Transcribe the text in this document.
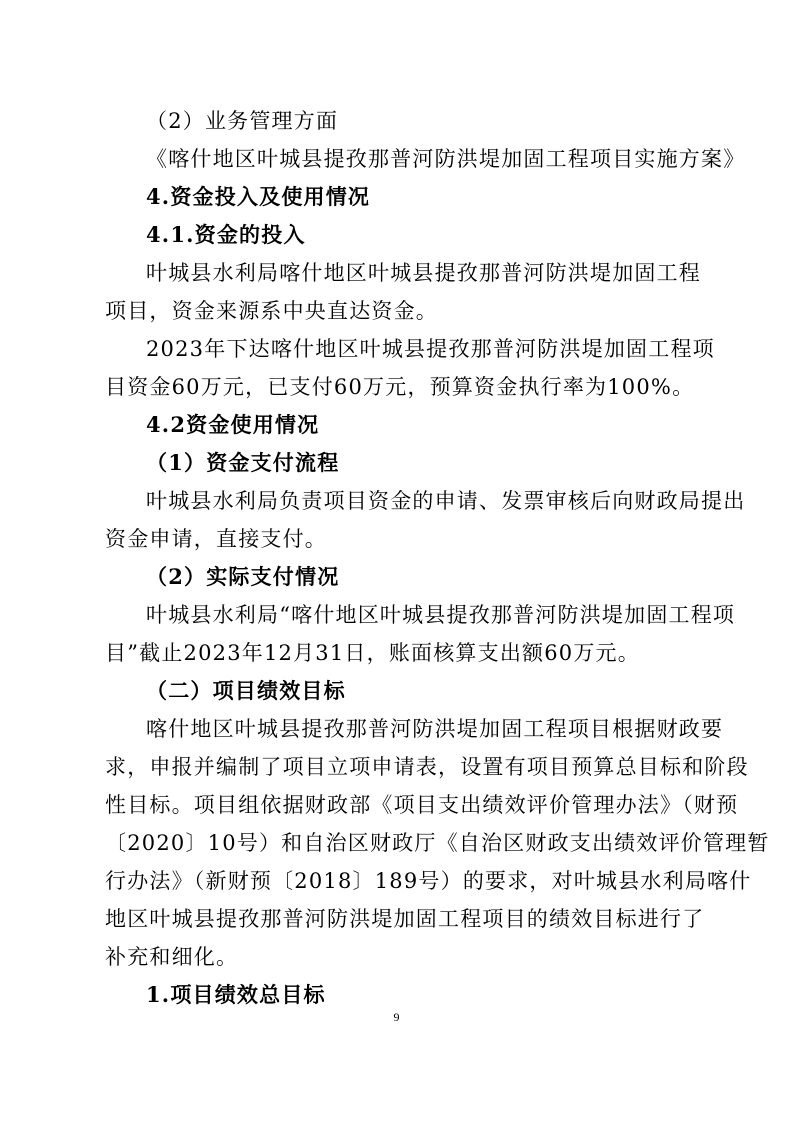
（2）业务管理方面
《喀什地区叶城县提孜那普河防洪堤加固工程项目实施方案》
4.资金投入及使用情况
4.1.资金的投入
叶城县水利局喀什地区叶城县提孜那普河防洪堤加固工程
项目，资金来源系中央直达资金。
2023年下达喀什地区叶城县提孜那普河防洪堤加固工程项
目资金60万元，已支付60万元，预算资金执行率为100%。
4.2资金使用情况
（1）资金支付流程
叶城县水利局负责项目资金的申请、发票审核后向财政局提出
资金申请，直接支付。
（2）实际支付情况
叶城县水利局“喀什地区叶城县提孜那普河防洪堤加固工程项
目”截止2023年12月31日，账面核算支出额60万元。
（二）项目绩效目标
喀什地区叶城县提孜那普河防洪堤加固工程项目根据财政要
求，申报并编制了项目立项申请表，设置有项目预算总目标和阶段
性目标。项目组依据财政部《项目支出绩效评价管理办法》（财预
〔2020〕10号）和自治区财政厅《自治区财政支出绩效评价管理暂
行办法》（新财预〔2018〕189号）的要求，对叶城县水利局喀什
地区叶城县提孜那普河防洪堤加固工程项目的绩效目标进行了
补充和细化。
1.项目绩效总目标
9
